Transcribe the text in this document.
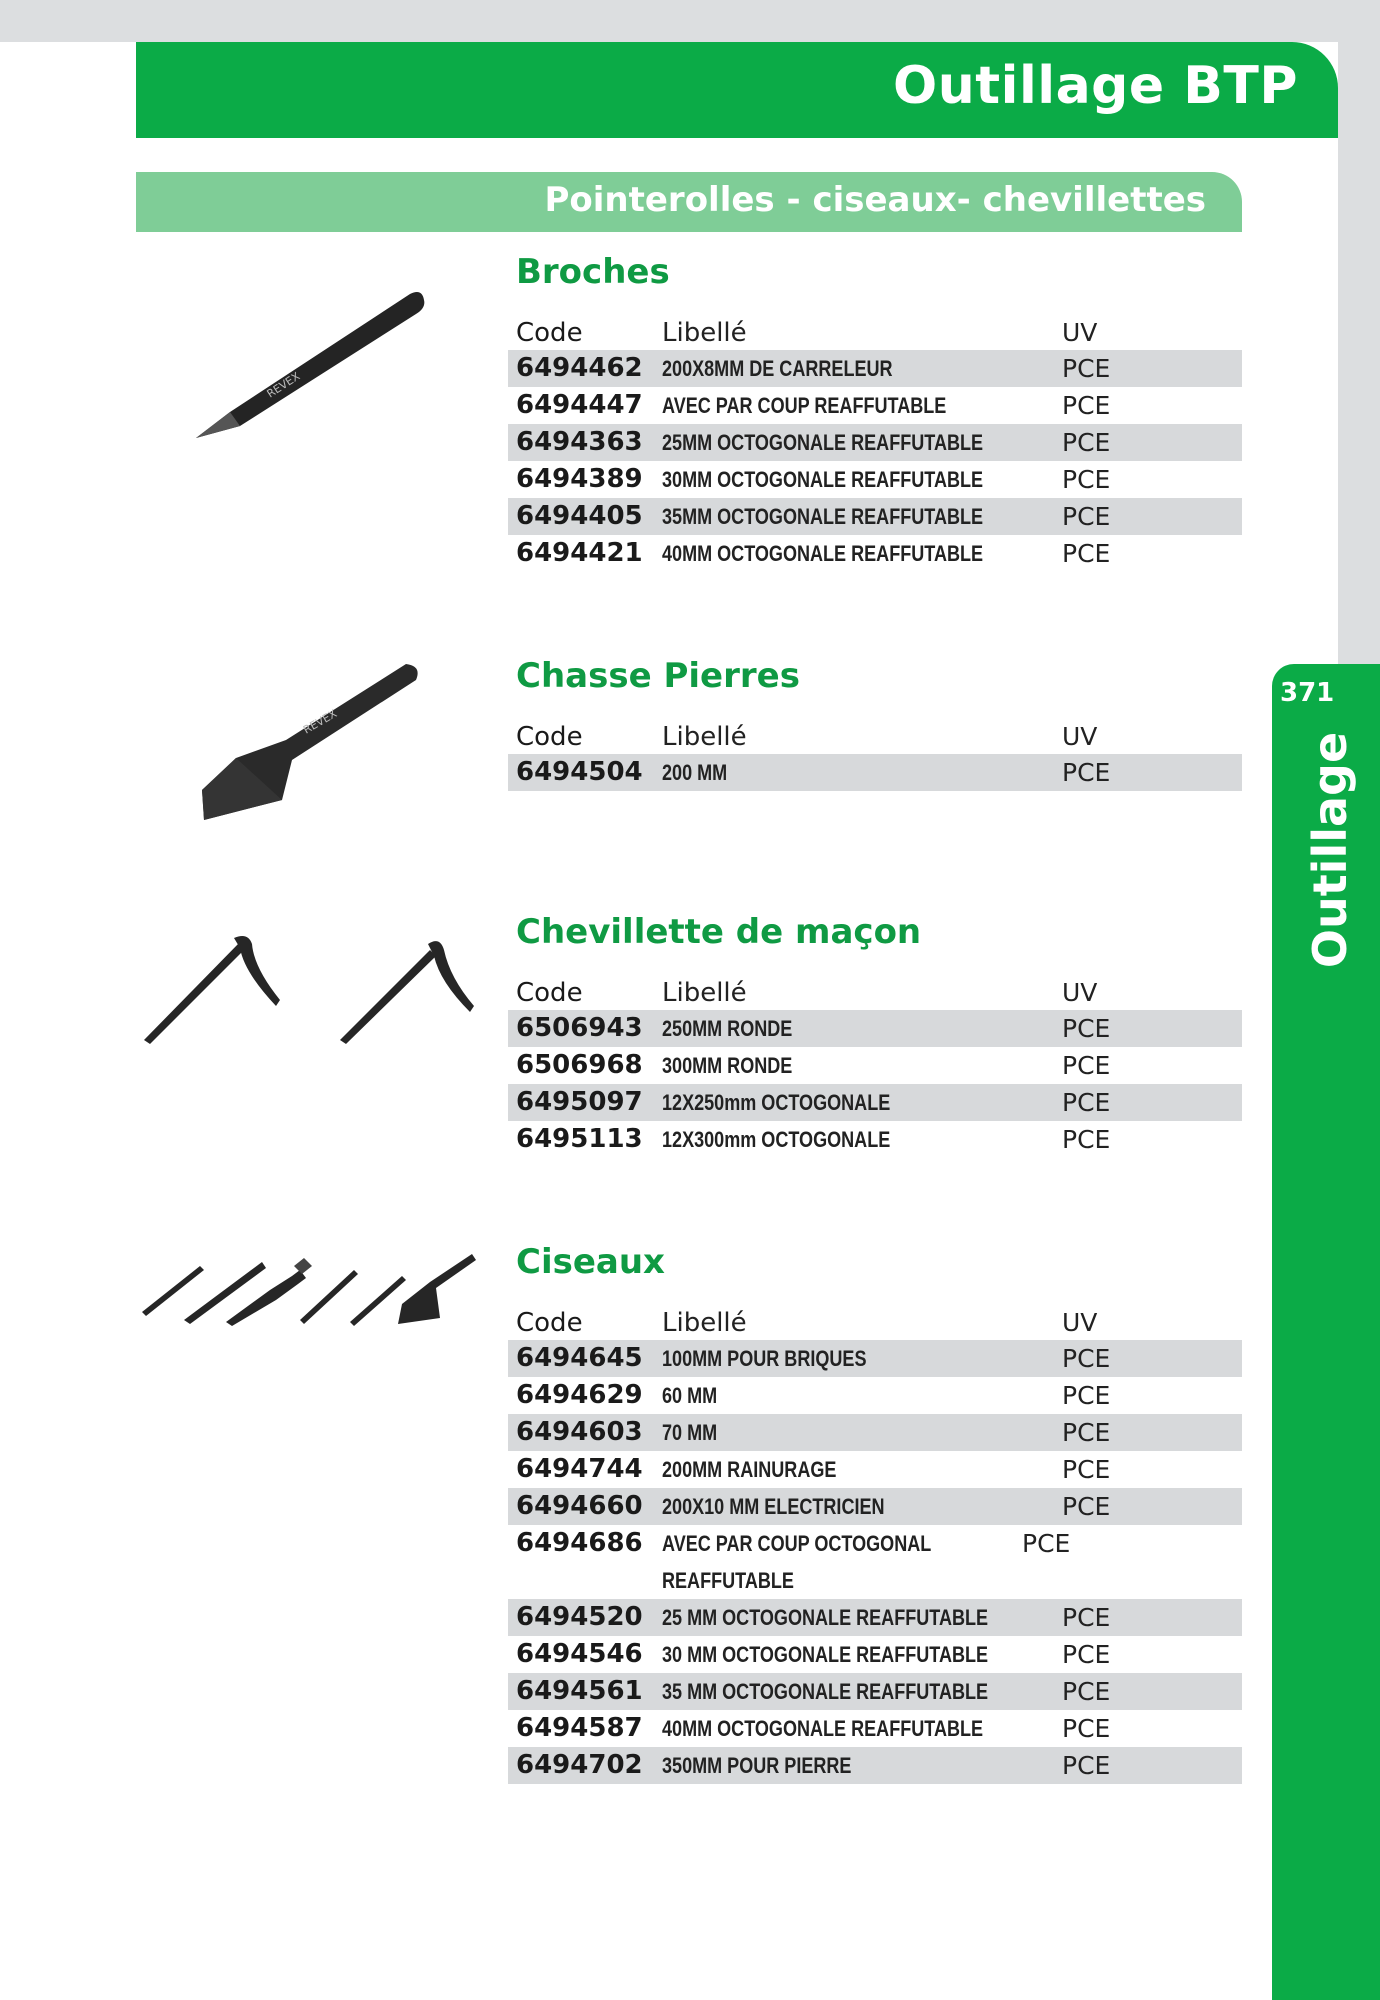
Outillage BTP
Pointerolles - ciseaux- chevillettes
371
Outillage
REVEX
REVEX
Broches
Code	Libellé	UV
6494462 200X8MM DE CARRELEUR	PCE
6494447 AVEC PAR COUP REAFFUTABLE	PCE
6494363 25MM OCTOGONALE REAFFUTABLE	PCE
6494389 30MM OCTOGONALE REAFFUTABLE	PCE
6494405 35MM OCTOGONALE REAFFUTABLE	PCE
6494421 40MM OCTOGONALE REAFFUTABLE	PCE
Chasse Pierres
Code	Libellé	UV
6494504 200 MM	PCE
Chevillette de maçon
Code	Libellé	UV
6506943 250MM RONDE	PCE
6506968 300MM RONDE	PCE
6495097 12X250mm OCTOGONALE	PCE
6495113 12X300mm OCTOGONALE	PCE
Ciseaux
Code	Libellé	UV
6494645 100MM POUR BRIQUES	PCE
6494629 60 MM	PCE
6494603 70 MM	PCE
6494744 200MM RAINURAGE	PCE
6494660 200X10 MM ELECTRICIEN	PCE
6494686 AVEC PAR COUP OCTOGONAL REAFFUTABLE
PCE
6494520 25 MM OCTOGONALE REAFFUTABLE	PCE
6494546 30 MM OCTOGONALE REAFFUTABLE	PCE
6494561 35 MM OCTOGONALE REAFFUTABLE	PCE
6494587 40MM OCTOGONALE REAFFUTABLE	PCE
6494702 350MM POUR PIERRE	PCE
